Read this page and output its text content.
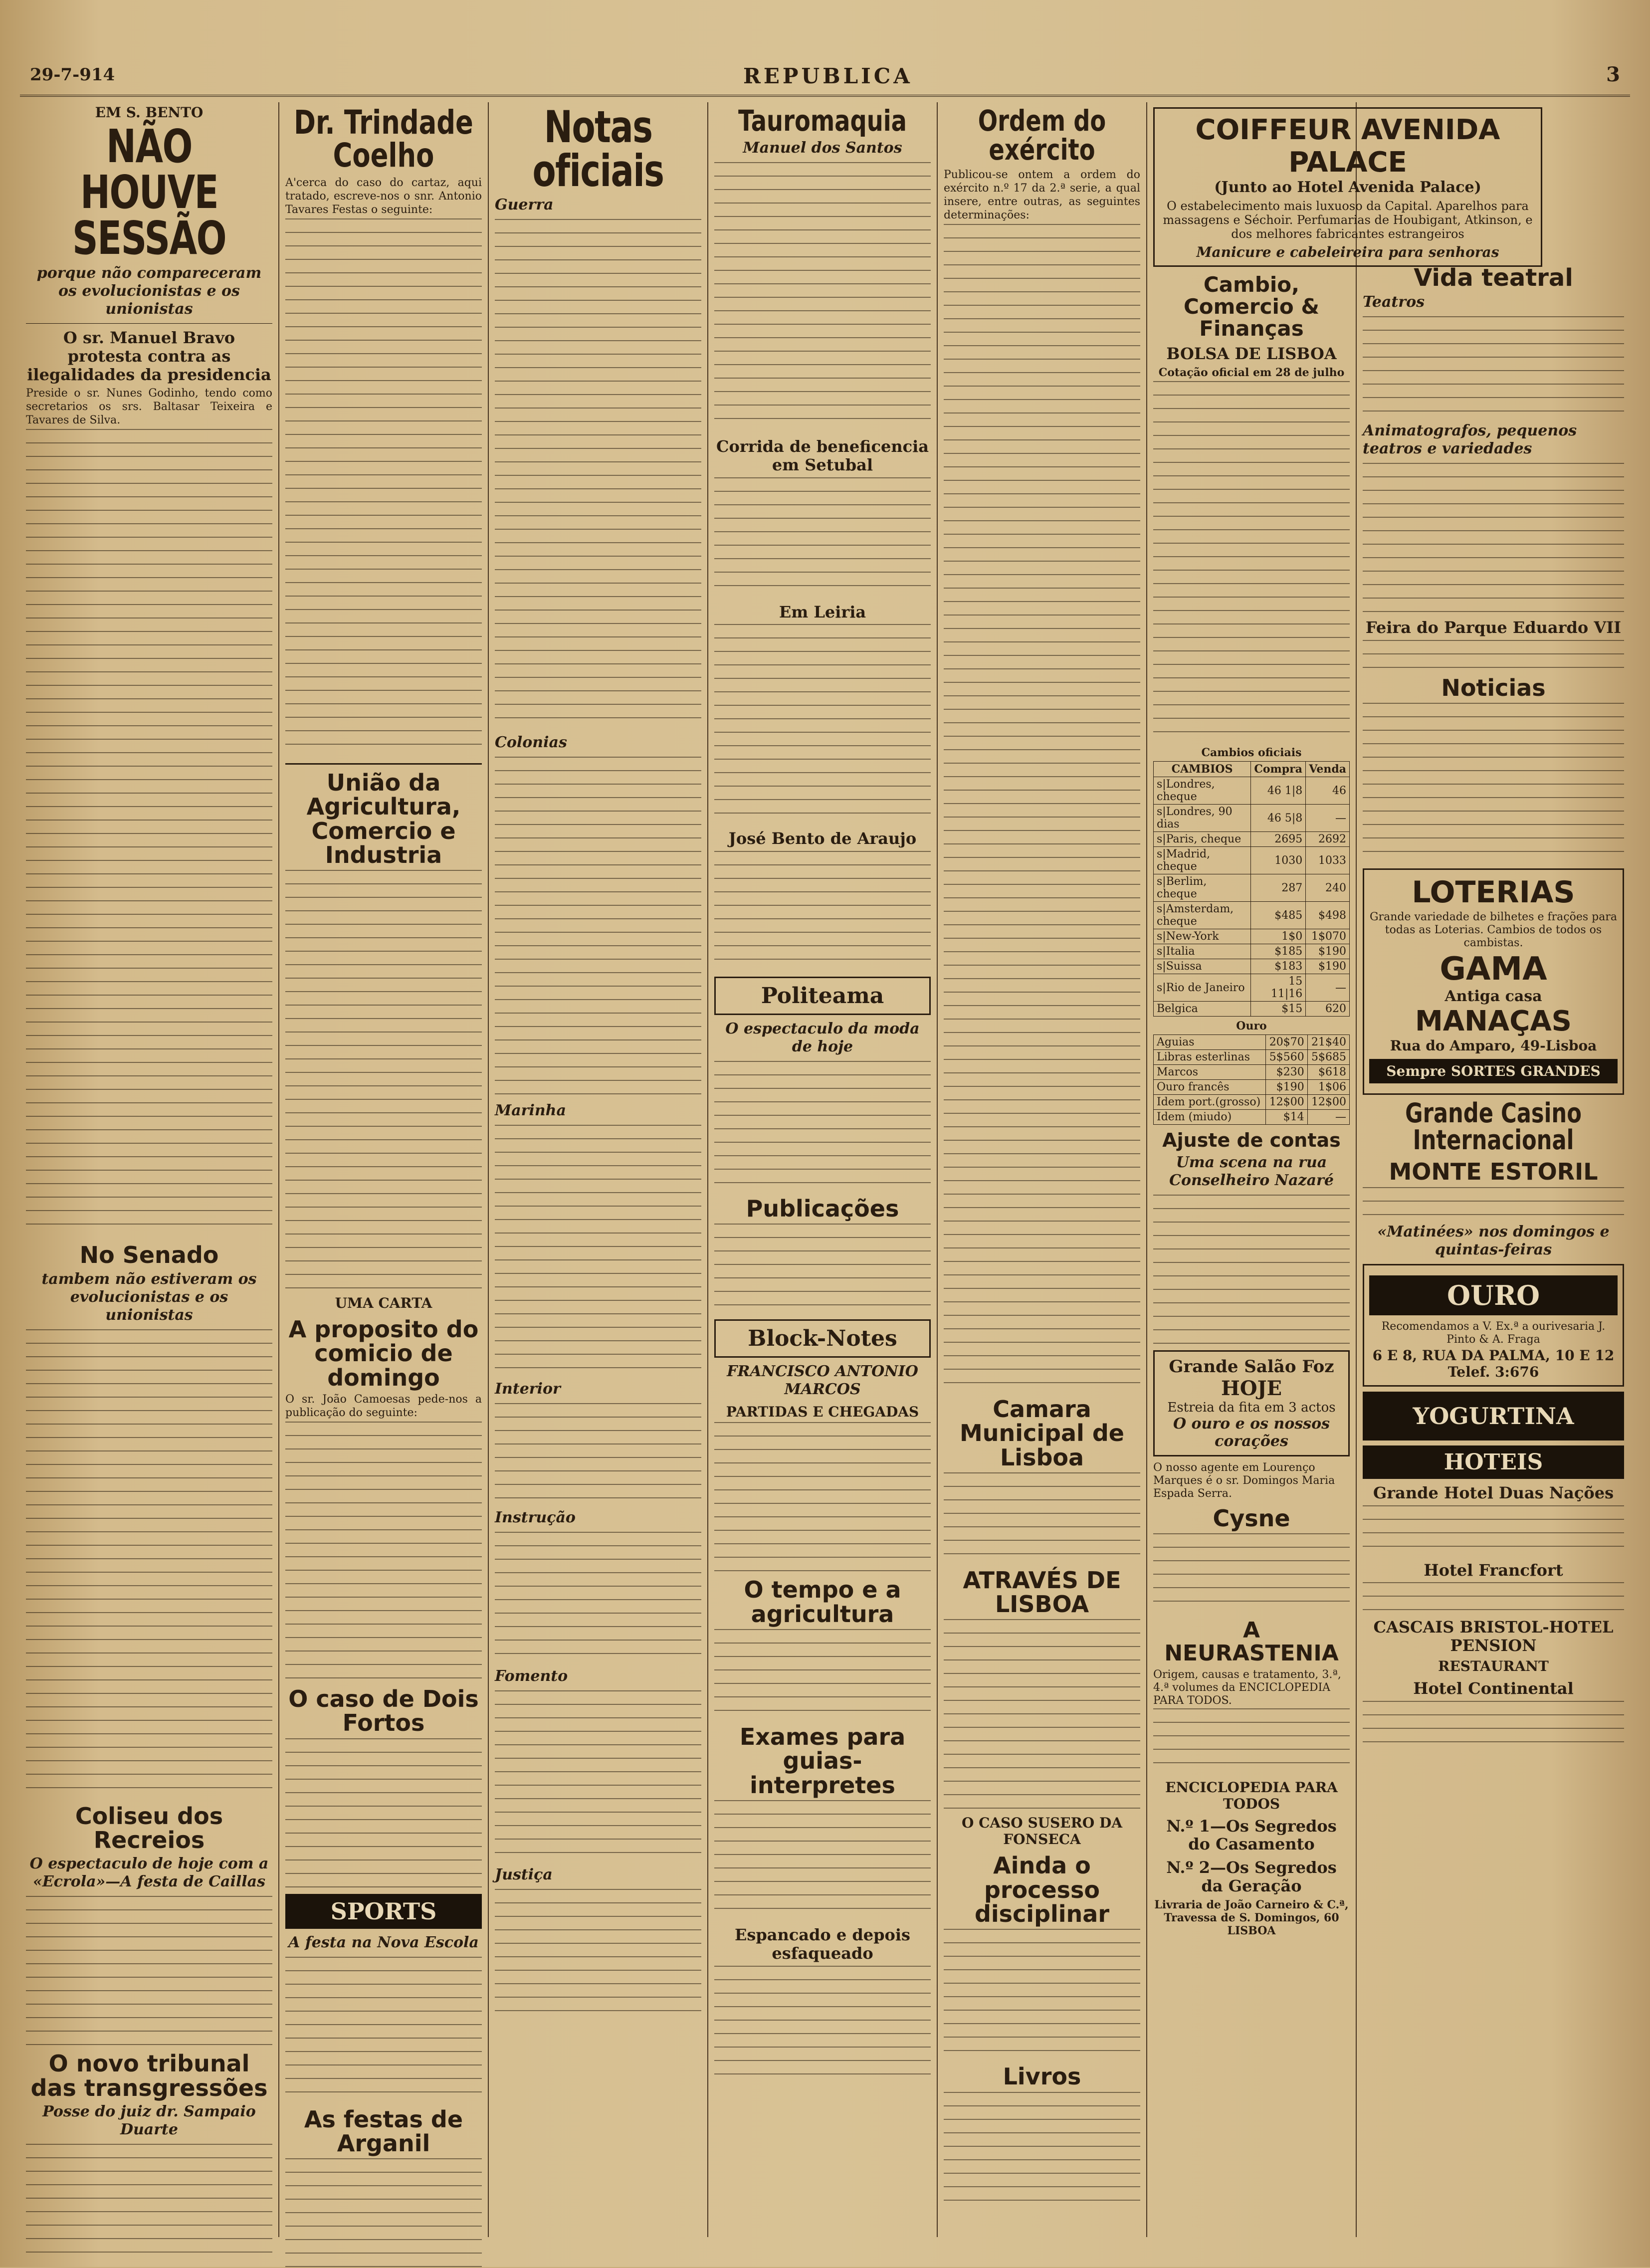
29-7-914	REPUBLICA	3
EM S. BENTO
NÃO HOUVE SESSÃO
porque não compareceram os evolucionistas e os unionistas
O sr. Manuel Bravo protesta contra as ilegalidades da presidencia

Preside o sr. Nunes Godinho, tendo como secretarios os srs. Baltasar Teixeira e Tavares de Silva.

No Senado
tambem não estiveram os evolucionistas e os unionistas
Coliseu dos Recreios
O espectaculo de hoje com a «Ecrola»—A festa de Caillas
O novo tribunal das transgressões
Posse do juiz dr. Sampaio Duarte
Dr. Trindade Coelho

A'cerca do caso do cartaz, aqui tratado, escreve-nos o snr. Antonio Tavares Festas o seguinte:

União da Agricultura, Comercio e Industria
UMA CARTA
A proposito do comicio de domingo

O sr. João Camoesas pede-nos a publicação do seguinte:

O caso de Dois Fortos
SPORTS
A festa na Nova Escola
As festas de Arganil
Notas oficiais
Guerra
Colonias
Marinha
Interior
Instrução
Fomento
Justiça
Tauromaquia
Manuel dos Santos
Corrida de beneficencia em Setubal
Em Leiria
José Bento de Araujo
Politeama
O espectaculo da moda de hoje
Publicações
Block-Notes
FRANCISCO ANTONIO MARCOS
PARTIDAS E CHEGADAS
O tempo e a agricultura
Exames para guias-interpretes
Espancado e depois esfaqueado
Ordem do exército

Publicou-se ontem a ordem do exército n.º 17 da 2.ª serie, a qual insere, entre outras, as seguintes determinações:

Camara Municipal de Lisboa
ATRAVÉS DE LISBOA
O CASO SUSERO DA FONSECA
Ainda o processo disciplinar
Livros
COIFFEUR AVENIDA PALACE
(Junto ao Hotel Avenida Palace)
O estabelecimento mais luxuoso da Capital. Aparelhos para massagens e Séchoir. Perfumarias de Houbigant, Atkinson, e dos melhores fabricantes estrangeiros
Manicure e cabeleireira para senhoras
Cambio, Comercio & Finanças
BOLSA DE LISBOA
Cotação oficial em 28 de julho
Cambios oficiais
CAMBIOS	Compra	Venda
s|Londres, cheque	46 1|8	46
s|Londres, 90 dias	46 5|8	—
s|Paris, cheque	2695	2692
s|Madrid, cheque	1030	1033
s|Berlim, cheque	287	240
s|Amsterdam, cheque	$485	$498
s|New-York	1$0	1$070
s|Italia	$185	$190
s|Suissa	$183	$190
s|Rio de Janeiro	15 11|16	—
Belgica	$15	620
Ouro
Aguias	20$70	21$40
Libras esterlinas	5$560	5$685
Marcos	$230	$618
Ouro francês	$190	1$06
Idem port.(grosso)	12$00	12$00
Idem (miudo)	$14	—
Ajuste de contas
Uma scena na rua Conselheiro Nazaré
Grande Salão Foz
HOJE
Estreia da fita em 3 actos
O ouro e os nossos corações

O nosso agente em Lourenço Marques é o sr. Domingos Maria Espada Serra.

Cysne
A NEURASTENIA

Origem, causas e tratamento, 3.ª, 4.ª volumes da ENCICLOPEDIA PARA TODOS.

ENCICLOPEDIA PARA TODOS
N.º 1—Os Segredos do Casamento
N.º 2—Os Segredos da Geração

Livraria de João Carneiro & C.ª, Travessa de S. Domingos, 60 LISBOA

Vida teatral
Teatros
Animatografos, pequenos teatros e variedades
Feira do Parque Eduardo VII
Noticias
LOTERIAS

Grande variedade de bilhetes e frações para todas as Loterias. Cambios de todos os cambistas.

GAMA
Antiga casa
MANAÇAS
Rua do Amparo, 49-Lisboa
Sempre SORTES GRANDES
Grande Casino Internacional
MONTE ESTORIL
«Matinées» nos domingos e quintas-feiras
OURO

Recomendamos a V. Ex.ª a ourivesaria J. Pinto & A. Fraga

6 E 8, RUA DA PALMA, 10 E 12
Telef. 3:676
YOGURTINA
HOTEIS
Grande Hotel Duas Nações
Hotel Francfort
CASCAIS BRISTOL-HOTEL PENSION
RESTAURANT
Hotel Continental
